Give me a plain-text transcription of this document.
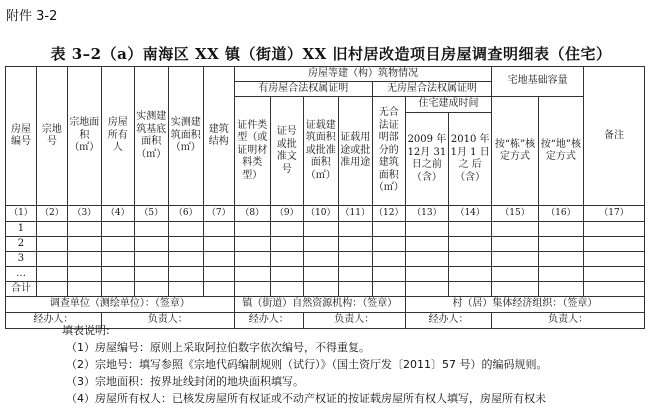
附件 3-2
表 3–2（a）南海区 XX 镇（街道）XX 旧村居改造项目房屋调查明细表（住宅）
房屋编号	宗地号	宗地面积（㎡）	房屋所有人	实测建筑基底面积（㎡）	实测建筑面积（㎡）	建筑结构	房屋等建（构）筑物情况							宅地基础容量		备注
							有房屋合法权属证明				无房屋合法权属证明					
							证件类型（或证明材料类型）	证号或批准文号	证载建筑面积或批准面积（㎡）	证载用途或批准用途	无合法证明部分的建筑面积（㎡）	住宅建成时间		按“栋”核定方式	按“地”核定方式	
												2009 年 12月 31 日之前（含）	2010 年 1月 1 日 之 后（含）			
（1）	（2）	（3）	（4）	（5）	（6）	（7）	（8）	（9）	（10）	（11）	（12）	（13）	（14）	（15）	（16）	（17）
1																
2																
3																
…																
合计																
调查单位（测绘单位）：（签章）							镇（街道）自然资源机构：（签章）					村（居）集体经济组织：（签章）				
经办人：			负责人：				经办人：		负责人：			经办人：		负责人：		
填表说明:
（1）房屋编号：原则上采取阿拉伯数字依次编号，不得重复。
（2）宗地号：填写参照《宗地代码编制规则（试行）》（国土资厅发〔2011〕57 号）的编码规则。
（3）宗地面积：按界址线封闭的地块面积填写。
（4）房屋所有权人：已核发房屋所有权证或不动产权证的按证载房屋所有权人填写，房屋所有权未
